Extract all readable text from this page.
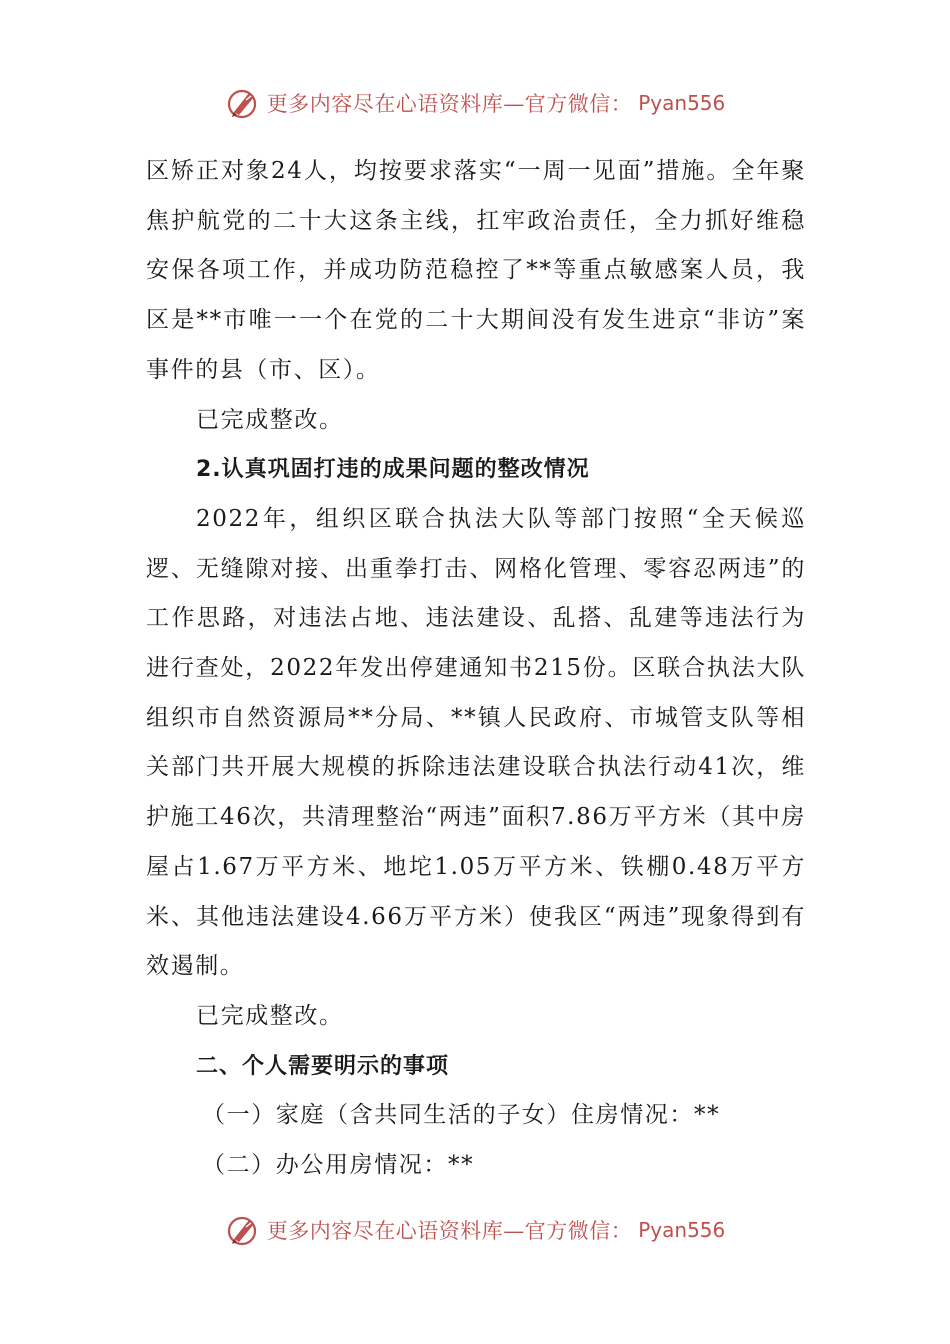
更多内容尽在心语资料库—官方微信： Pyan556

区矫正对象24人，均按要求落实“一周一见面”措施。全年聚焦护航党的二十大这条主线，扛牢政治责任，全力抓好维稳安保各项工作，并成功防范稳控了**等重点敏感案人员，我区是**市唯一一个在党的二十大期间没有发生进京“非访”案事件的县（市、区）。

已完成整改。

2.认真巩固打违的成果问题的整改情况

2022年，组织区联合执法大队等部门按照“全天候巡逻、无缝隙对接、出重拳打击、网格化管理、零容忍两违”的工作思路，对违法占地、违法建设、乱搭、乱建等违法行为进行查处，2022年发出停建通知书215份。区联合执法大队组织市自然资源局**分局、**镇人民政府、市城管支队等相关部门共开展大规模的拆除违法建设联合执法行动41次，维护施工46次，共清理整治“两违”面积7.86万平方米（其中房屋占1.67万平方米、地坨1.05万平方米、铁棚0.48万平方米、其他违法建设4.66万平方米）使我区“两违”现象得到有效遏制。

已完成整改。

二、个人需要明示的事项

（一）家庭（含共同生活的子女）住房情况：**

（二）办公用房情况：**

更多内容尽在心语资料库—官方微信： Pyan556
